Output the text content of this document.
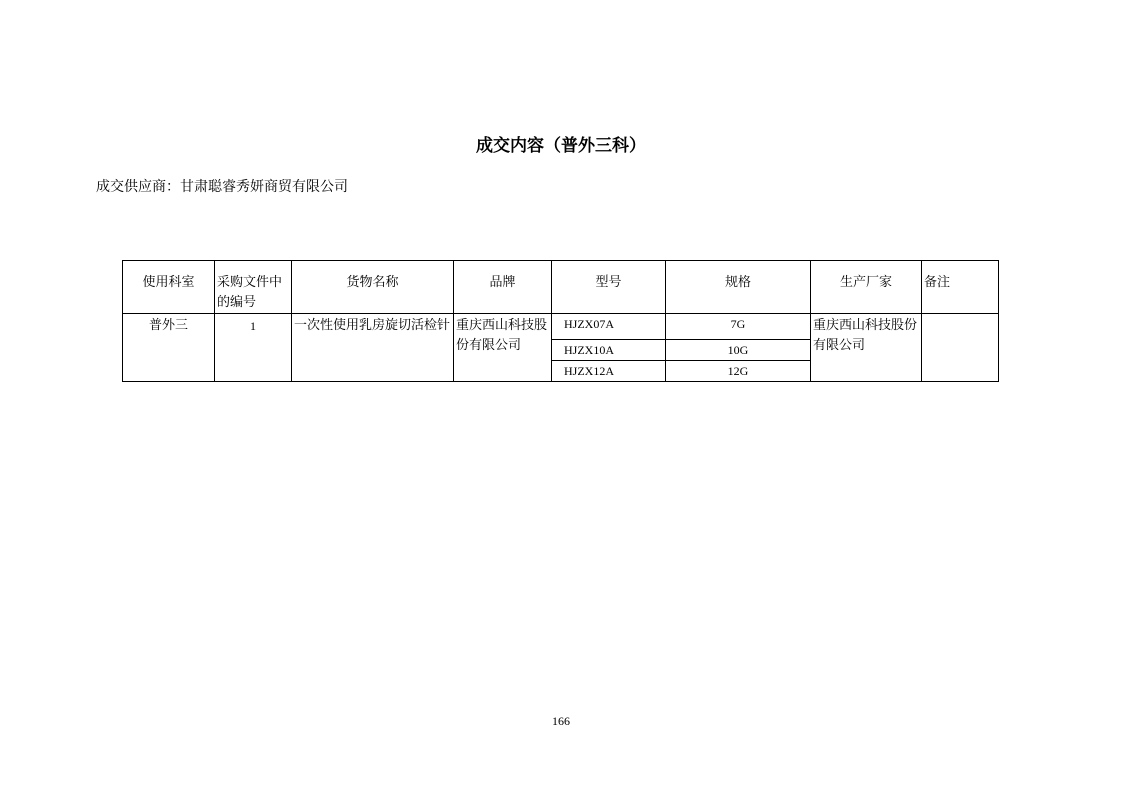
成交内容（普外三科）
成交供应商：甘肃聪睿秀妍商贸有限公司
使用科室	采购文件中的编号	货物名称	品牌	型号	规格	生产厂家	备注
普外三	1	一次性使用乳房旋切活检针	重庆西山科技股份有限公司	HJZX07A	7G	重庆西山科技股份有限公司	
				HJZX10A	10G		
				HJZX12A	12G		
166
